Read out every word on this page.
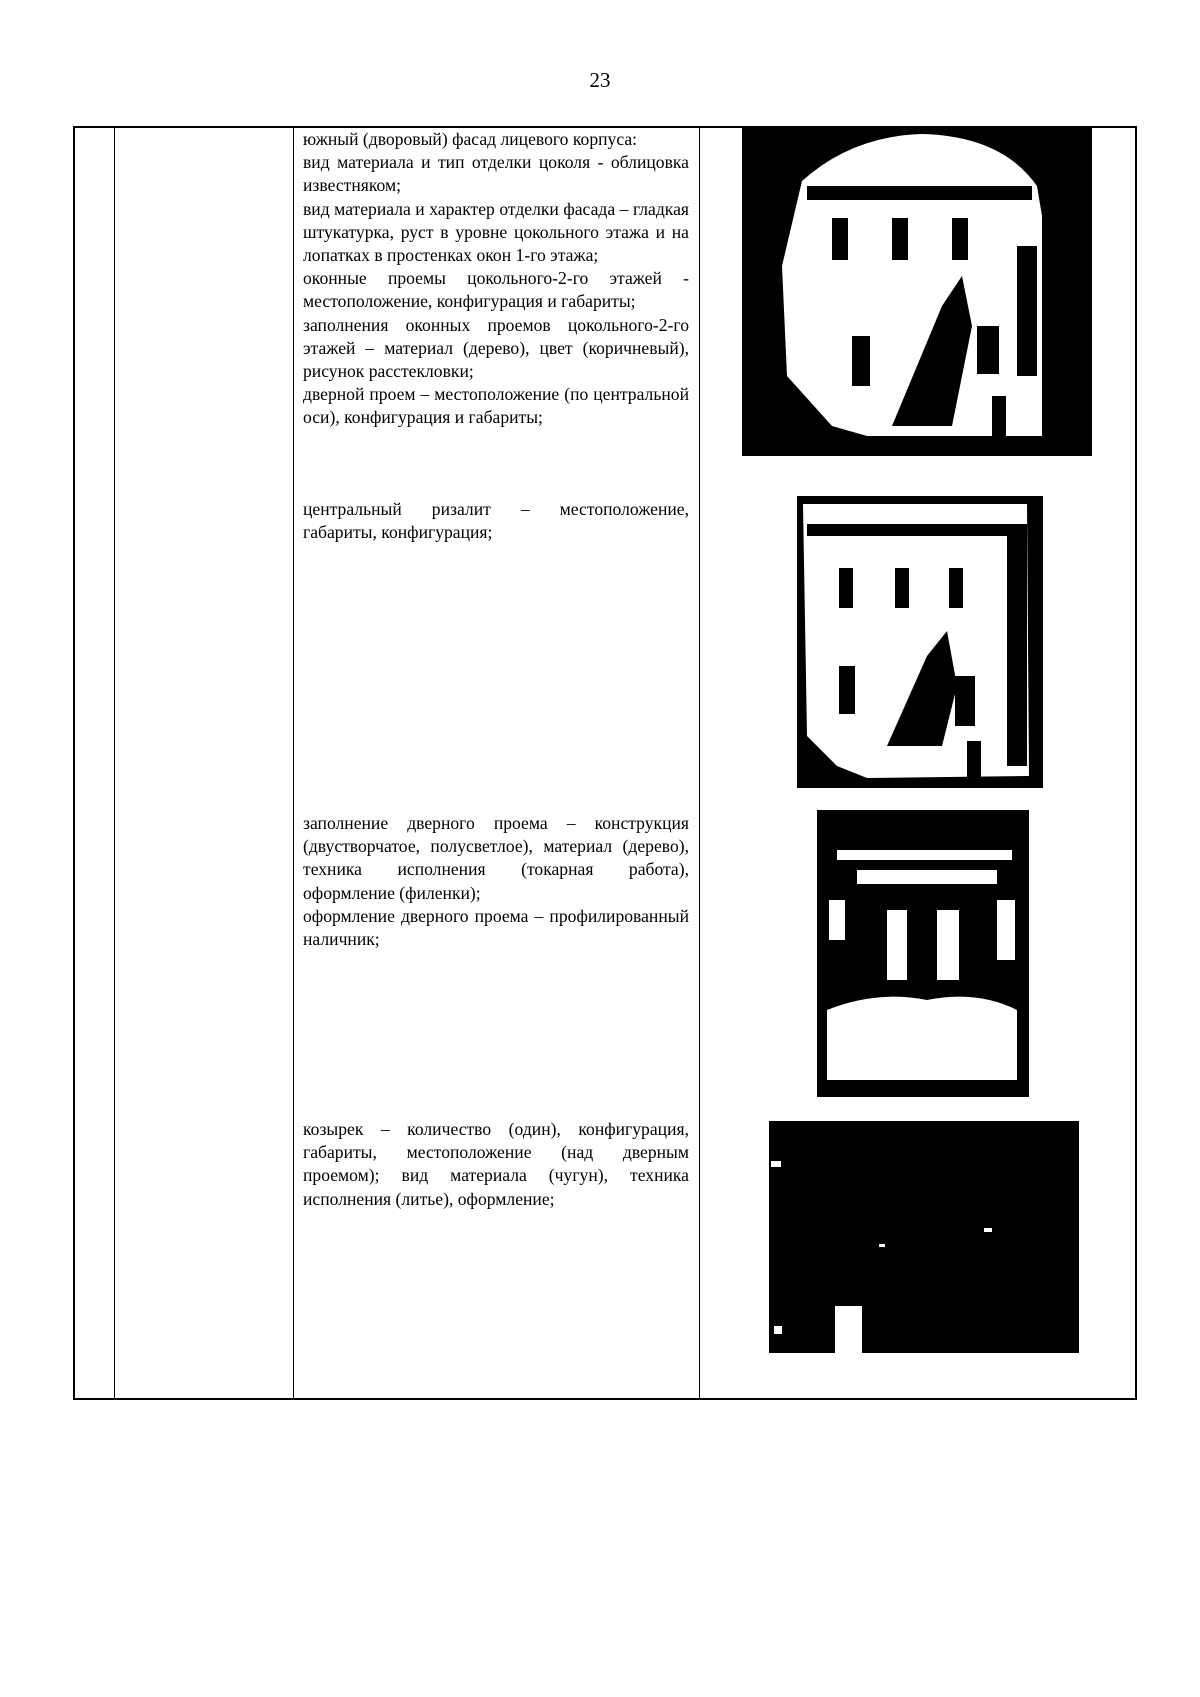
23

южный (дворовый) фасад лицевого корпуса:

вид материала и тип отделки цоколя - облицовка известняком;

вид материала и характер отделки фасада – гладкая штукатурка, руст в уровне цокольного этажа и на лопатках в простенках окон 1-го этажа;

оконные проемы цокольного-2-го этажей - местоположение, конфигурация и габариты;

заполнения оконных проемов цокольного-2-го этажей – материал (дерево), цвет (коричневый), рисунок расстекловки;

дверной проем – местоположение (по центральной оси), конфигурация и габариты;

центральный ризалит – местоположение, габариты, конфигурация;

заполнение дверного проема – конструкция (двустворчатое, полусветлое), материал (дерево), техника исполнения (токарная работа), оформление (филенки);

оформление дверного проема – профилированный наличник;

козырек – количество (один), конфигурация, габариты, местоположение (над дверным проемом); вид материала (чугун), техника исполнения (литье), оформление;
